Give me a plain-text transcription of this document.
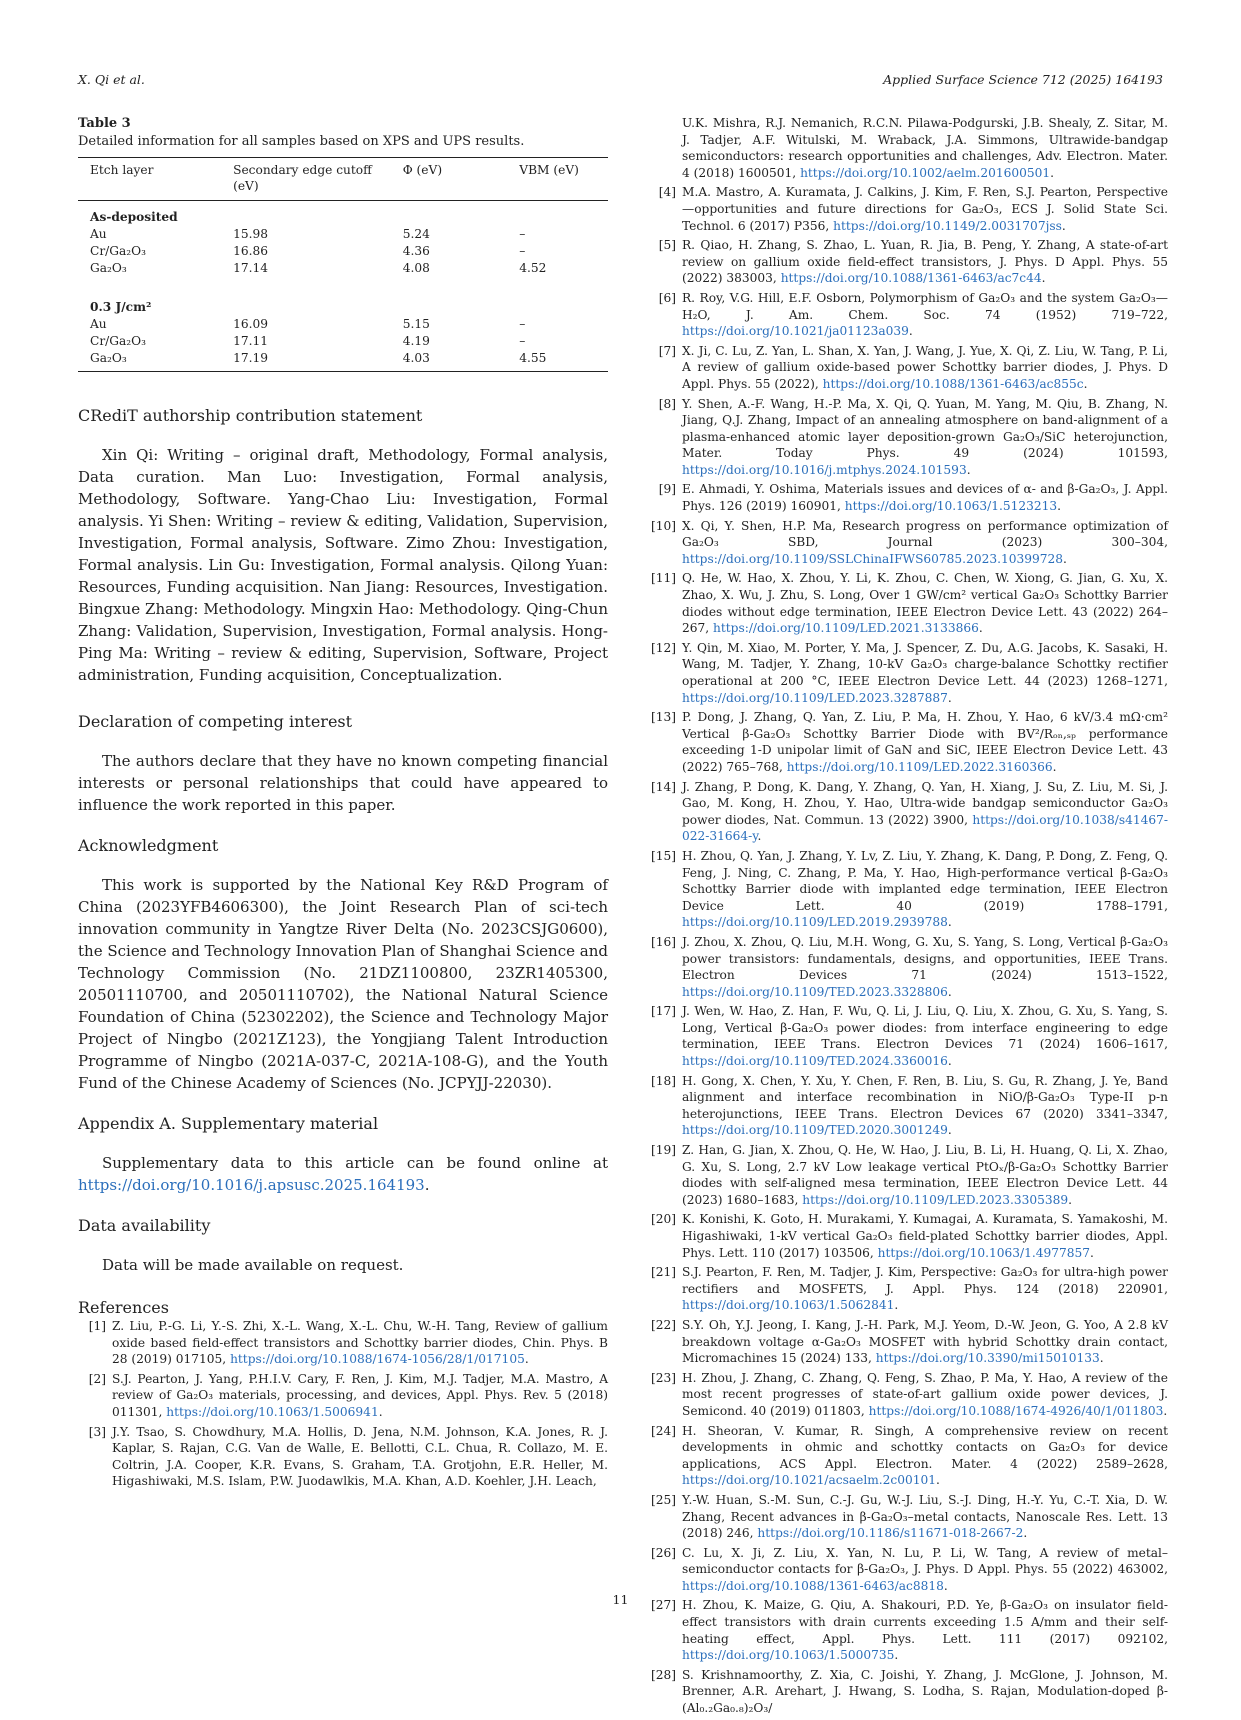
X. Qi et al.	Applied Surface Science 712 (2025) 164193
Table 3
Detailed information for all samples based on XPS and UPS results.
Etch layer	Secondary edge cutoff (eV)	Φ (eV)	VBM (eV)
As-deposited			
Au	15.98	5.24	–
Cr/Ga₂O₃	16.86	4.36	–
Ga₂O₃	17.14	4.08	4.52

0.3 J/cm²			
Au	16.09	5.15	–
Cr/Ga₂O₃	17.11	4.19	–
Ga₂O₃	17.19	4.03	4.55
CRediT authorship contribution statement

Xin Qi: Writing – original draft, Methodology, Formal analysis, Data curation. Man Luo: Investigation, Formal analysis, Methodology, Software. Yang-Chao Liu: Investigation, Formal analysis. Yi Shen: Writing – review & editing, Validation, Supervision, Investigation, Formal analysis, Software. Zimo Zhou: Investigation, Formal analysis. Lin Gu: Investigation, Formal analysis. Qilong Yuan: Resources, Funding acquisition. Nan Jiang: Resources, Investigation. Bingxue Zhang: Methodology. Mingxin Hao: Methodology. Qing-Chun Zhang: Validation, Supervision, Investigation, Formal analysis. Hong-Ping Ma: Writing – review & editing, Supervision, Software, Project administration, Funding acquisition, Conceptualization.

Declaration of competing interest

The authors declare that they have no known competing financial interests or personal relationships that could have appeared to influence the work reported in this paper.

Acknowledgment

This work is supported by the National Key R&D Program of China (2023YFB4606300), the Joint Research Plan of sci-tech innovation community in Yangtze River Delta (No. 2023CSJG0600), the Science and Technology Innovation Plan of Shanghai Science and Technology Commission (No. 21DZ1100800, 23ZR1405300, 20501110700, and 20501110702), the National Natural Science Foundation of China (52302202), the Science and Technology Major Project of Ningbo (2021Z123), the Yongjiang Talent Introduction Programme of Ningbo (2021A-037-C, 2021A-108-G), and the Youth Fund of the Chinese Academy of Sciences (No. JCPYJJ-22030).

Appendix A. Supplementary material

Supplementary data to this article can be found online at https://doi.org/10.1016/j.apsusc.2025.164193.

Data availability

Data will be made available on request.

References
[1] Z. Liu, P.-G. Li, Y.-S. Zhi, X.-L. Wang, X.-L. Chu, W.-H. Tang, Review of gallium oxide based field-effect transistors and Schottky barrier diodes, Chin. Phys. B 28 (2019) 017105, https://doi.org/10.1088/1674-1056/28/1/017105.
[2] S.J. Pearton, J. Yang, P.H.I.V. Cary, F. Ren, J. Kim, M.J. Tadjer, M.A. Mastro, A review of Ga₂O₃ materials, processing, and devices, Appl. Phys. Rev. 5 (2018) 011301, https://doi.org/10.1063/1.5006941.
[3] J.Y. Tsao, S. Chowdhury, M.A. Hollis, D. Jena, N.M. Johnson, K.A. Jones, R. J. Kaplar, S. Rajan, C.G. Van de Walle, E. Bellotti, C.L. Chua, R. Collazo, M. E. Coltrin, J.A. Cooper, K.R. Evans, S. Graham, T.A. Grotjohn, E.R. Heller, M. Higashiwaki, M.S. Islam, P.W. Juodawlkis, M.A. Khan, A.D. Koehler, J.H. Leach,
U.K. Mishra, R.J. Nemanich, R.C.N. Pilawa-Podgurski, J.B. Shealy, Z. Sitar, M. J. Tadjer, A.F. Witulski, M. Wraback, J.A. Simmons, Ultrawide-bandgap semiconductors: research opportunities and challenges, Adv. Electron. Mater. 4 (2018) 1600501, https://doi.org/10.1002/aelm.201600501.
[4] M.A. Mastro, A. Kuramata, J. Calkins, J. Kim, F. Ren, S.J. Pearton, Perspective—opportunities and future directions for Ga₂O₃, ECS J. Solid State Sci. Technol. 6 (2017) P356, https://doi.org/10.1149/2.0031707jss.
[5] R. Qiao, H. Zhang, S. Zhao, L. Yuan, R. Jia, B. Peng, Y. Zhang, A state-of-art review on gallium oxide field-effect transistors, J. Phys. D Appl. Phys. 55 (2022) 383003, https://doi.org/10.1088/1361-6463/ac7c44.
[6] R. Roy, V.G. Hill, E.F. Osborn, Polymorphism of Ga₂O₃ and the system Ga₂O₃—H₂O, J. Am. Chem. Soc. 74 (1952) 719–722, https://doi.org/10.1021/ja01123a039.
[7] X. Ji, C. Lu, Z. Yan, L. Shan, X. Yan, J. Wang, J. Yue, X. Qi, Z. Liu, W. Tang, P. Li, A review of gallium oxide-based power Schottky barrier diodes, J. Phys. D Appl. Phys. 55 (2022), https://doi.org/10.1088/1361-6463/ac855c.
[8] Y. Shen, A.-F. Wang, H.-P. Ma, X. Qi, Q. Yuan, M. Yang, M. Qiu, B. Zhang, N. Jiang, Q.J. Zhang, Impact of an annealing atmosphere on band-alignment of a plasma-enhanced atomic layer deposition-grown Ga₂O₃/SiC heterojunction, Mater. Today Phys. 49 (2024) 101593, https://doi.org/10.1016/j.mtphys.2024.101593.
[9] E. Ahmadi, Y. Oshima, Materials issues and devices of α- and β-Ga₂O₃, J. Appl. Phys. 126 (2019) 160901, https://doi.org/10.1063/1.5123213.
[10] X. Qi, Y. Shen, H.P. Ma, Research progress on performance optimization of Ga₂O₃ SBD, Journal (2023) 300–304, https://doi.org/10.1109/SSLChinaIFWS60785.2023.10399728.
[11] Q. He, W. Hao, X. Zhou, Y. Li, K. Zhou, C. Chen, W. Xiong, G. Jian, G. Xu, X. Zhao, X. Wu, J. Zhu, S. Long, Over 1 GW/cm² vertical Ga₂O₃ Schottky Barrier diodes without edge termination, IEEE Electron Device Lett. 43 (2022) 264–267, https://doi.org/10.1109/LED.2021.3133866.
[12] Y. Qin, M. Xiao, M. Porter, Y. Ma, J. Spencer, Z. Du, A.G. Jacobs, K. Sasaki, H. Wang, M. Tadjer, Y. Zhang, 10-kV Ga₂O₃ charge-balance Schottky rectifier operational at 200 °C, IEEE Electron Device Lett. 44 (2023) 1268–1271, https://doi.org/10.1109/LED.2023.3287887.
[13] P. Dong, J. Zhang, Q. Yan, Z. Liu, P. Ma, H. Zhou, Y. Hao, 6 kV/3.4 mΩ·cm² Vertical β-Ga₂O₃ Schottky Barrier Diode with BV²/Rₒₙ,ₛₚ performance exceeding 1-D unipolar limit of GaN and SiC, IEEE Electron Device Lett. 43 (2022) 765–768, https://doi.org/10.1109/LED.2022.3160366.
[14] J. Zhang, P. Dong, K. Dang, Y. Zhang, Q. Yan, H. Xiang, J. Su, Z. Liu, M. Si, J. Gao, M. Kong, H. Zhou, Y. Hao, Ultra-wide bandgap semiconductor Ga₂O₃ power diodes, Nat. Commun. 13 (2022) 3900, https://doi.org/10.1038/s41467-022-31664-y.
[15] H. Zhou, Q. Yan, J. Zhang, Y. Lv, Z. Liu, Y. Zhang, K. Dang, P. Dong, Z. Feng, Q. Feng, J. Ning, C. Zhang, P. Ma, Y. Hao, High-performance vertical β-Ga₂O₃ Schottky Barrier diode with implanted edge termination, IEEE Electron Device Lett. 40 (2019) 1788–1791, https://doi.org/10.1109/LED.2019.2939788.
[16] J. Zhou, X. Zhou, Q. Liu, M.H. Wong, G. Xu, S. Yang, S. Long, Vertical β-Ga₂O₃ power transistors: fundamentals, designs, and opportunities, IEEE Trans. Electron Devices 71 (2024) 1513–1522, https://doi.org/10.1109/TED.2023.3328806.
[17] J. Wen, W. Hao, Z. Han, F. Wu, Q. Li, J. Liu, Q. Liu, X. Zhou, G. Xu, S. Yang, S. Long, Vertical β-Ga₂O₃ power diodes: from interface engineering to edge termination, IEEE Trans. Electron Devices 71 (2024) 1606–1617, https://doi.org/10.1109/TED.2024.3360016.
[18] H. Gong, X. Chen, Y. Xu, Y. Chen, F. Ren, B. Liu, S. Gu, R. Zhang, J. Ye, Band alignment and interface recombination in NiO/β-Ga₂O₃ Type-II p-n heterojunctions, IEEE Trans. Electron Devices 67 (2020) 3341–3347, https://doi.org/10.1109/TED.2020.3001249.
[19] Z. Han, G. Jian, X. Zhou, Q. He, W. Hao, J. Liu, B. Li, H. Huang, Q. Li, X. Zhao, G. Xu, S. Long, 2.7 kV Low leakage vertical PtOₓ/β-Ga₂O₃ Schottky Barrier diodes with self-aligned mesa termination, IEEE Electron Device Lett. 44 (2023) 1680–1683, https://doi.org/10.1109/LED.2023.3305389.
[20] K. Konishi, K. Goto, H. Murakami, Y. Kumagai, A. Kuramata, S. Yamakoshi, M. Higashiwaki, 1-kV vertical Ga₂O₃ field-plated Schottky barrier diodes, Appl. Phys. Lett. 110 (2017) 103506, https://doi.org/10.1063/1.4977857.
[21] S.J. Pearton, F. Ren, M. Tadjer, J. Kim, Perspective: Ga₂O₃ for ultra-high power rectifiers and MOSFETS, J. Appl. Phys. 124 (2018) 220901, https://doi.org/10.1063/1.5062841.
[22] S.Y. Oh, Y.J. Jeong, I. Kang, J.-H. Park, M.J. Yeom, D.-W. Jeon, G. Yoo, A 2.8 kV breakdown voltage α-Ga₂O₃ MOSFET with hybrid Schottky drain contact, Micromachines 15 (2024) 133, https://doi.org/10.3390/mi15010133.
[23] H. Zhou, J. Zhang, C. Zhang, Q. Feng, S. Zhao, P. Ma, Y. Hao, A review of the most recent progresses of state-of-art gallium oxide power devices, J. Semicond. 40 (2019) 011803, https://doi.org/10.1088/1674-4926/40/1/011803.
[24] H. Sheoran, V. Kumar, R. Singh, A comprehensive review on recent developments in ohmic and schottky contacts on Ga₂O₃ for device applications, ACS Appl. Electron. Mater. 4 (2022) 2589–2628, https://doi.org/10.1021/acsaelm.2c00101.
[25] Y.-W. Huan, S.-M. Sun, C.-J. Gu, W.-J. Liu, S.-J. Ding, H.-Y. Yu, C.-T. Xia, D. W. Zhang, Recent advances in β-Ga₂O₃–metal contacts, Nanoscale Res. Lett. 13 (2018) 246, https://doi.org/10.1186/s11671-018-2667-2.
[26] C. Lu, X. Ji, Z. Liu, X. Yan, N. Lu, P. Li, W. Tang, A review of metal–semiconductor contacts for β-Ga₂O₃, J. Phys. D Appl. Phys. 55 (2022) 463002, https://doi.org/10.1088/1361-6463/ac8818.
[27] H. Zhou, K. Maize, G. Qiu, A. Shakouri, P.D. Ye, β-Ga₂O₃ on insulator field-effect transistors with drain currents exceeding 1.5 A/mm and their self-heating effect, Appl. Phys. Lett. 111 (2017) 092102, https://doi.org/10.1063/1.5000735.
[28] S. Krishnamoorthy, Z. Xia, C. Joishi, Y. Zhang, J. McGlone, J. Johnson, M. Brenner, A.R. Arehart, J. Hwang, S. Lodha, S. Rajan, Modulation-doped β-(Al₀.₂Ga₀.₈)₂O₃/
11
